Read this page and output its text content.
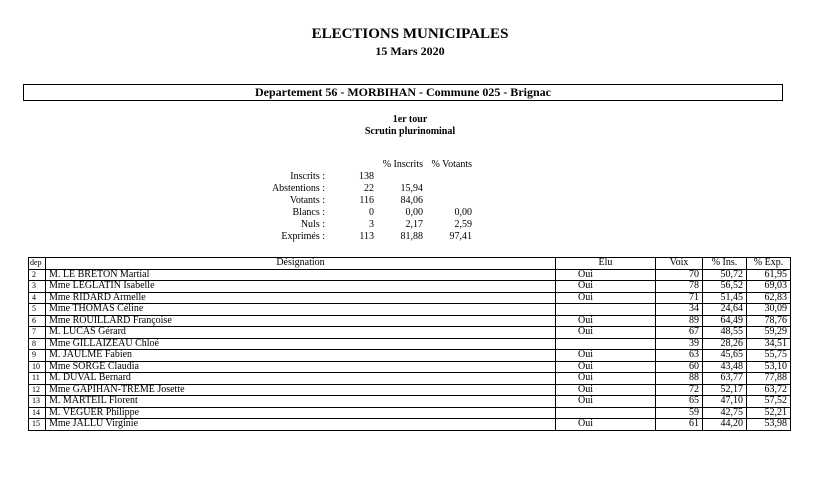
ELECTIONS MUNICIPALES
15 Mars 2020
Departement 56 - MORBIHAN - Commune 025 - Brignac
1er tour
Scrutin plurinominal
		% Inscrits	% Votants
Inscrits :	138		
Abstentions :	22	15,94	
Votants :	116	84,06	
Blancs :	0	0,00	0,00
Nuls :	3	2,17	2,59
Exprimés :	113	81,88	97,41
dep	Désignation	Elu	Voix	% Ins.	% Exp.
2	M. LE BRETON Martial	Oui	70	50,72	61,95
3	Mme LEGLATIN Isabelle	Oui	78	56,52	69,03
4	Mme RIDARD Armelle	Oui	71	51,45	62,83
5	Mme THOMAS Céline		34	24,64	30,09
6	Mme ROUILLARD Françoise	Oui	89	64,49	78,76
7	M. LUCAS Gérard	Oui	67	48,55	59,29
8	Mme GILLAIZEAU Chloé		39	28,26	34,51
9	M. JAULME Fabien	Oui	63	45,65	55,75
10	Mme SORGE Claudia	Oui	60	43,48	53,10
11	M. DUVAL Bernard	Oui	88	63,77	77,88
12	Mme GAPIHAN-TREME Josette	Oui	72	52,17	63,72
13	M. MARTEIL Florent	Oui	65	47,10	57,52
14	M. VEGUER Philippe		59	42,75	52,21
15	Mme JALLU Virginie	Oui	61	44,20	53,98
